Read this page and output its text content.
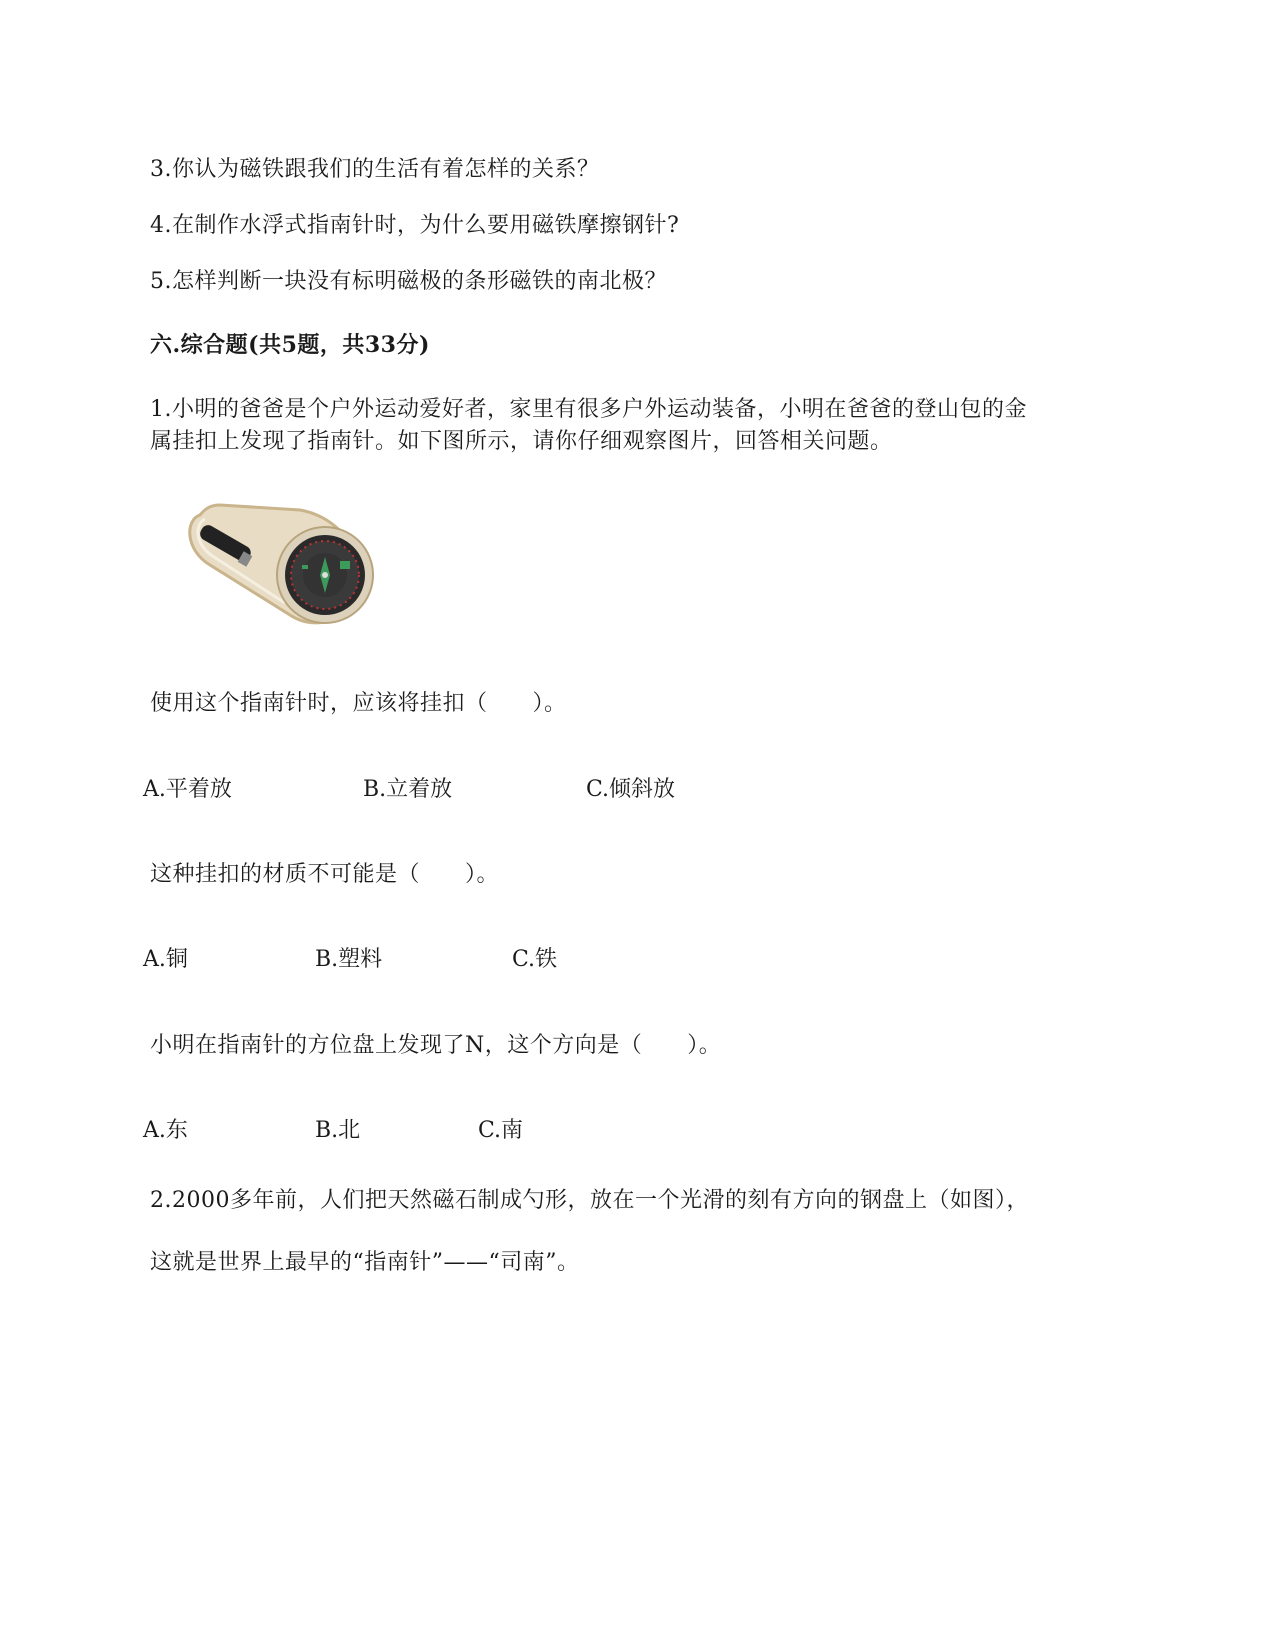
3.你认为磁铁跟我们的生活有着怎样的关系？
4.在制作水浮式指南针时，为什么要用磁铁摩擦钢针?
5.怎样判断一块没有标明磁极的条形磁铁的南北极？
六.综合题(共5题，共33分)
1.小明的爸爸是个户外运动爱好者，家里有很多户外运动装备，小明在爸爸的登山包的金
属挂扣上发现了指南针。如下图所示，请你仔细观察图片，回答相关问题。
使用这个指南针时，应该将挂扣（　　）。
A.平着放	B.立着放	C.倾斜放
这种挂扣的材质不可能是（　　）。
A.铜	B.塑料	C.铁
小明在指南针的方位盘上发现了N，这个方向是（　　）。
A.东	B.北	C.南
2.2000多年前，人们把天然磁石制成勺形，放在一个光滑的刻有方向的钢盘上（如图），
这就是世界上最早的“指南针”——“司南”。
